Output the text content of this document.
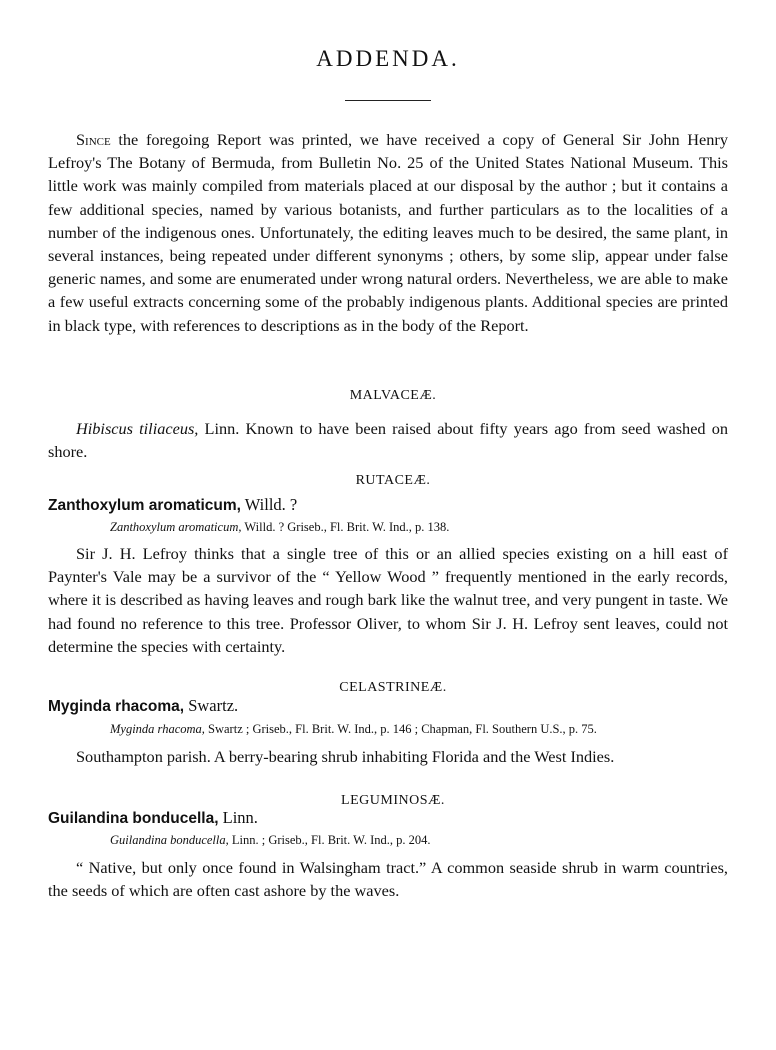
ADDENDA.
Since the foregoing Report was printed, we have received a copy of General Sir John Henry Lefroy's The Botany of Bermuda, from Bulletin No. 25 of the United States National Museum. This little work was mainly compiled from materials placed at our disposal by the author ; but it contains a few additional species, named by various botanists, and further particulars as to the localities of a number of the indigenous ones. Unfortunately, the editing leaves much to be desired, the same plant, in several instances, being repeated under different synonyms ; others, by some slip, appear under false generic names, and some are enumerated under wrong natural orders. Nevertheless, we are able to make a few useful extracts concerning some of the probably indigenous plants. Additional species are printed in black type, with references to descriptions as in the body of the Report.
MALVACEÆ.
Hibiscus tiliaceus, Linn. Known to have been raised about fifty years ago from seed washed on shore.
RUTACEÆ.
Zanthoxylum aromaticum, Willd. ?
Zanthoxylum aromaticum, Willd. ? Griseb., Fl. Brit. W. Ind., p. 138.
Sir J. H. Lefroy thinks that a single tree of this or an allied species existing on a hill east of Paynter's Vale may be a survivor of the “ Yellow Wood ” frequently mentioned in the early records, where it is described as having leaves and rough bark like the walnut tree, and very pungent in taste. We had found no reference to this tree. Professor Oliver, to whom Sir J. H. Lefroy sent leaves, could not determine the species with certainty.
CELASTRINEÆ.
Myginda rhacoma, Swartz.
Myginda rhacoma, Swartz ; Griseb., Fl. Brit. W. Ind., p. 146 ; Chapman, Fl. Southern U.S., p. 75.
Southampton parish. A berry-bearing shrub inhabiting Florida and the West Indies.
LEGUMINOSÆ.
Guilandina bonducella, Linn.
Guilandina bonducella, Linn. ; Griseb., Fl. Brit. W. Ind., p. 204.
“ Native, but only once found in Walsingham tract.” A common seaside shrub in warm countries, the seeds of which are often cast ashore by the waves.
